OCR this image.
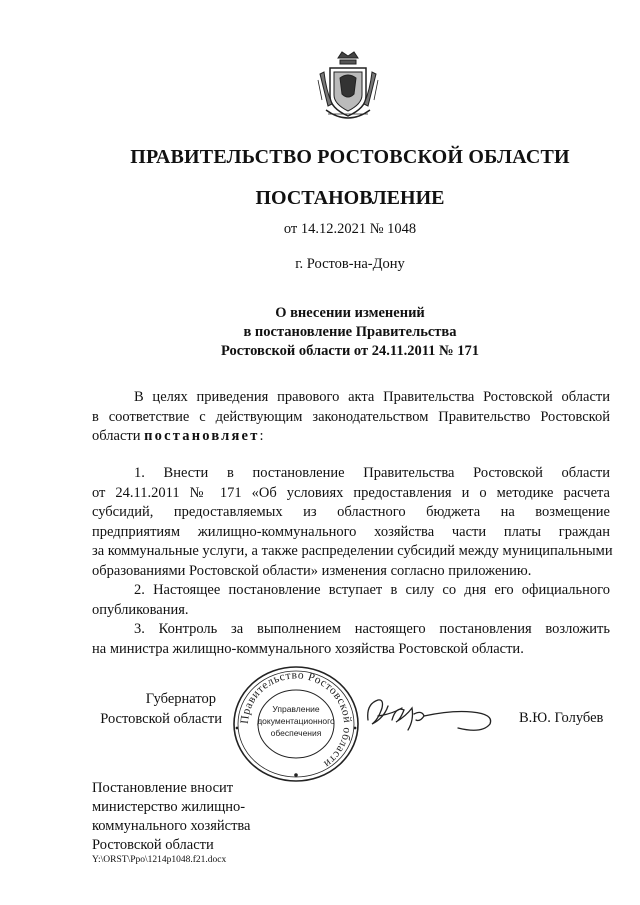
ПРАВИТЕЛЬСТВО РОСТОВСКОЙ ОБЛАСТИ
ПОСТАНОВЛЕНИЕ
от 14.12.2021 № 1048
г. Ростов-на-Дону
О внесении изменений
в постановление Правительства
Ростовской области от 24.11.2011 № 171
В целях приведения правового акта Правительства Ростовской области
в соответствие с действующим законодательством Правительство Ростовской
области постановляет:
1. Внести в постановление Правительства Ростовской области
от 24.11.2011 № 171 «Об условиях предоставления и о методике расчета
субсидий, предоставляемых из областного бюджета на возмещение
предприятиям жилищно-коммунального хозяйства части платы граждан
за коммунальные услуги, а также распределении субсидий между муниципальными
образованиями Ростовской области» изменения согласно приложению.
2. Настоящее постановление вступает в силу со дня его официального
опубликования.
3. Контроль за выполнением настоящего постановления возложить
на министра жилищно-коммунального хозяйства Ростовской области.
Губернатор
Ростовской области Правительство Ростовской области
Управление
документационного
обеспечения
В.Ю. Голубев
Постановление вносит
министерство жилищно-
коммунального хозяйства
Ростовской области
Y:\ORST\Ppo\1214p1048.f21.docx
